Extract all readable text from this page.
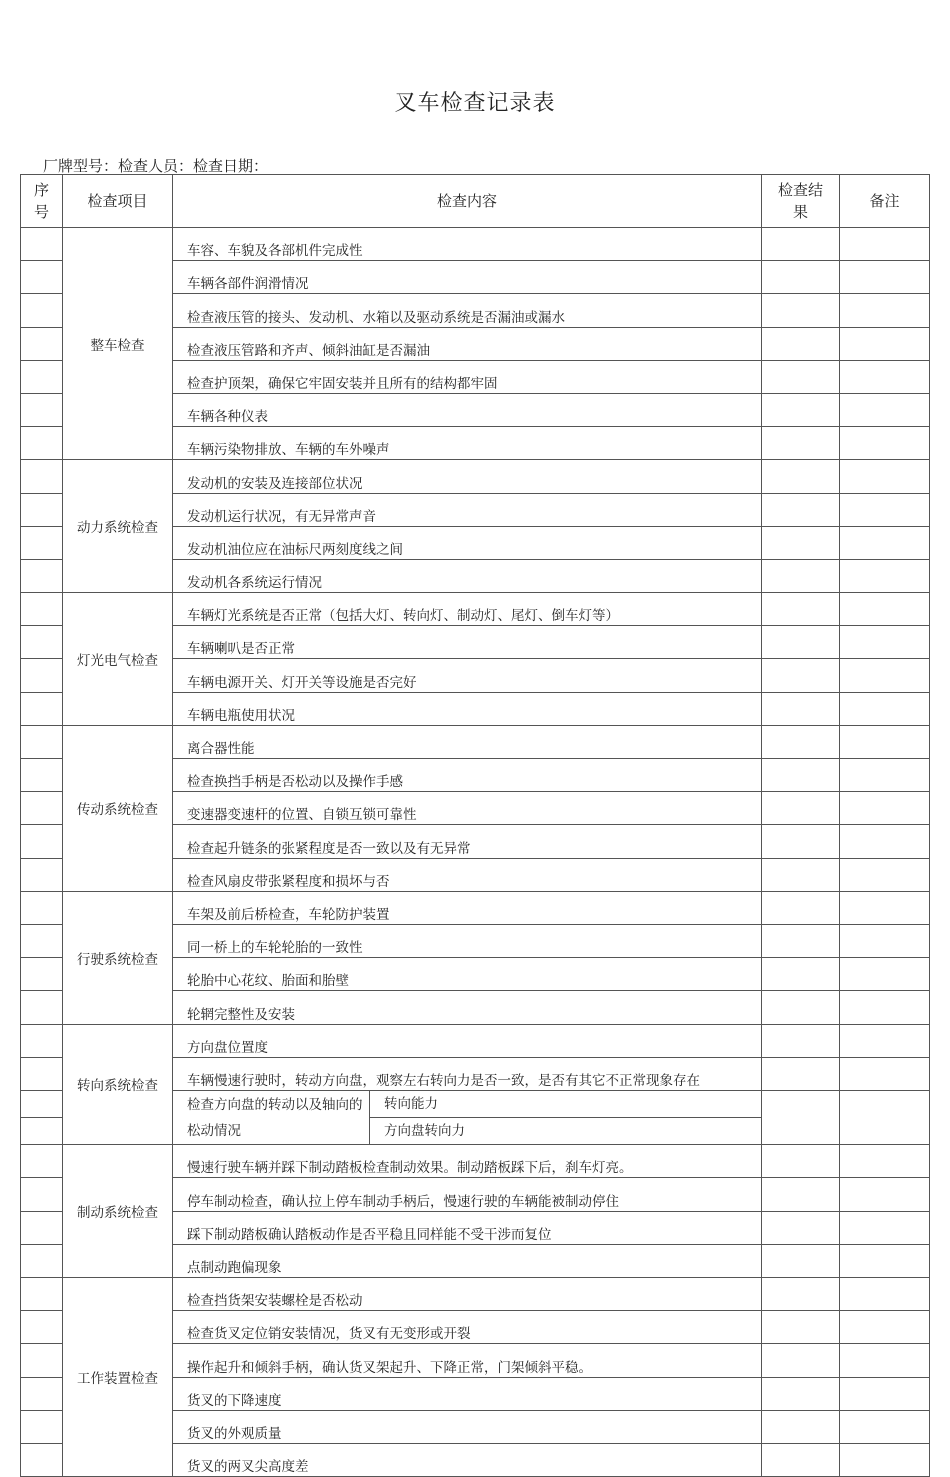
叉车检查记录表
厂牌型号：检查人员：检查日期：
序号	检查项目	检查内容		检查结果	备注
	整车检查	车容、车貌及各部机件完成性			
		车辆各部件润滑情况			
		检查液压管的接头、发动机、水箱以及驱动系统是否漏油或漏水			
		检查液压管路和齐声、倾斜油缸是否漏油			
		检查护顶架，确保它牢固安装并且所有的结构都牢固			
		车辆各种仪表			
		车辆污染物排放、车辆的车外噪声			
	动力系统检查	发动机的安装及连接部位状况			
		发动机运行状况，有无异常声音			
		发动机油位应在油标尺两刻度线之间			
		发动机各系统运行情况			
	灯光电气检查	车辆灯光系统是否正常（包括大灯、转向灯、制动灯、尾灯、倒车灯等）			
		车辆喇叭是否正常			
		车辆电源开关、灯开关等设施是否完好			
		车辆电瓶使用状况			
	传动系统检查	离合器性能			
		检查换挡手柄是否松动以及操作手感			
		变速器变速杆的位置、自锁互锁可靠性			
		检查起升链条的张紧程度是否一致以及有无异常			
		检查风扇皮带张紧程度和损坏与否			
	行驶系统检查	车架及前后桥检查，车轮防护装置			
		同一桥上的车轮轮胎的一致性			
		轮胎中心花纹、胎面和胎壁			
		轮辋完整性及安装			
	转向系统检查	方向盘位置度			
		车辆慢速行驶时，转动方向盘，观察左右转向力是否一致，是否有其它不正常现象存在			
		检查方向盘的转动以及轴向的松动情况	转向能力		
			方向盘转向力		
	制动系统检查	慢速行驶车辆并踩下制动踏板检查制动效果。制动踏板踩下后，刹车灯亮。			
		停车制动检查，确认拉上停车制动手柄后，慢速行驶的车辆能被制动停住			
		踩下制动踏板确认踏板动作是否平稳且同样能不受干涉而复位			
		点制动跑偏现象			
	工作装置检查	检查挡货架安装螺栓是否松动			
		检查货叉定位销安装情况，货叉有无变形或开裂			
		操作起升和倾斜手柄，确认货叉架起升、下降正常，门架倾斜平稳。			
		货叉的下降速度			
		货叉的外观质量			
		货叉的两叉尖高度差			
